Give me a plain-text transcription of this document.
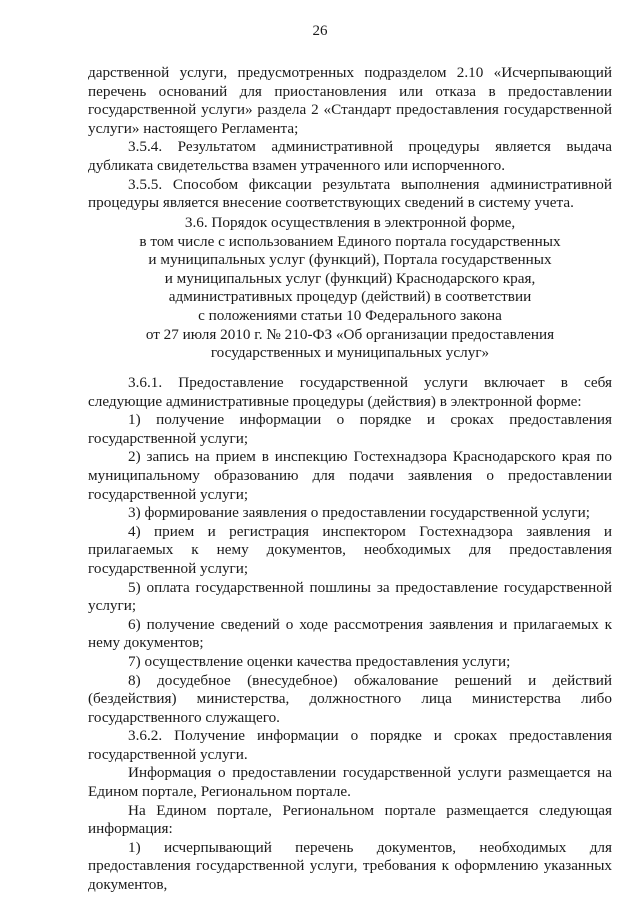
26

дарственной услуги, предусмотренных подразделом 2.10 «Исчерпывающий перечень оснований для приостановления или отказа в предоставлении государственной услуги» раздела 2 «Стандарт предоставления государственной услуги» настоящего Регламента;

3.5.4. Результатом административной процедуры является выдача дубликата свидетельства взамен утраченного или испорченного.

3.5.5. Способом фиксации результата выполнения административной процедуры является внесение соответствующих сведений в систему учета.

3.6. Порядок осуществления в электронной форме,
в том числе с использованием Единого портала государственных
и муниципальных услуг (функций), Портала государственных
и муниципальных услуг (функций) Краснодарского края,
административных процедур (действий) в соответствии
с положениями статьи 10 Федерального закона
от 27 июля 2010 г. № 210-ФЗ «Об организации предоставления
государственных и муниципальных услуг»

3.6.1. Предоставление государственной услуги включает в себя следующие административные процедуры (действия) в электронной форме:

1) получение информации о порядке и сроках предоставления государственной услуги;

2) запись на прием в инспекцию Гостехнадзора Краснодарского края по муниципальному образованию для подачи заявления о предоставлении государственной услуги;

3) формирование заявления о предоставлении государственной услуги;

4) прием и регистрация инспектором Гостехнадзора заявления и прилагаемых к нему документов, необходимых для предоставления государственной услуги;

5) оплата государственной пошлины за предоставление государственной услуги;

6) получение сведений о ходе рассмотрения заявления и прилагаемых к нему документов;

7) осуществление оценки качества предоставления услуги;

8) досудебное (внесудебное) обжалование решений и действий (бездействия) министерства, должностного лица министерства либо государственного служащего.

3.6.2. Получение информации о порядке и сроках предоставления государственной услуги.

Информация о предоставлении государственной услуги размещается на Едином портале, Региональном портале.

На Едином портале, Региональном портале размещается следующая информация:

1) исчерпывающий перечень документов, необходимых для предоставления государственной услуги, требования к оформлению указанных документов,
